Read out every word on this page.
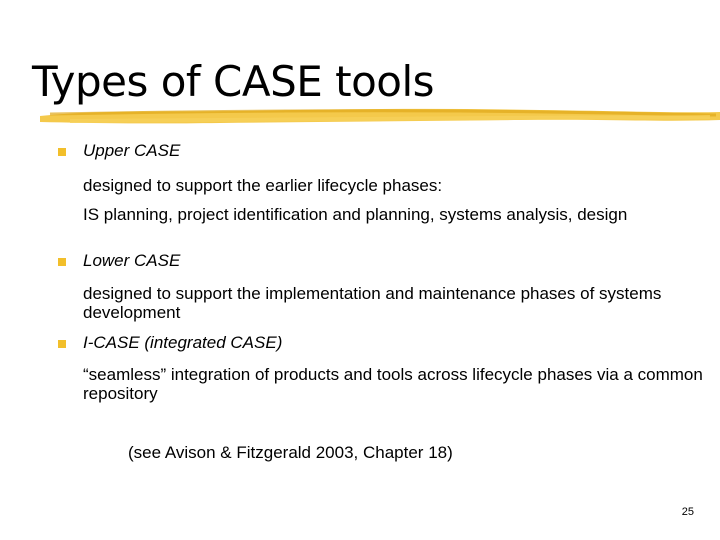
Types of CASE tools
Upper CASE
designed to support the earlier lifecycle phases:
IS planning, project identification and planning, systems analysis, design
Lower CASE
designed to support the implementation and maintenance phases of systems development
I-CASE (integrated CASE)
“seamless” integration of products and tools across lifecycle phases via a common repository
(see Avison & Fitzgerald 2003, Chapter 18)
25
